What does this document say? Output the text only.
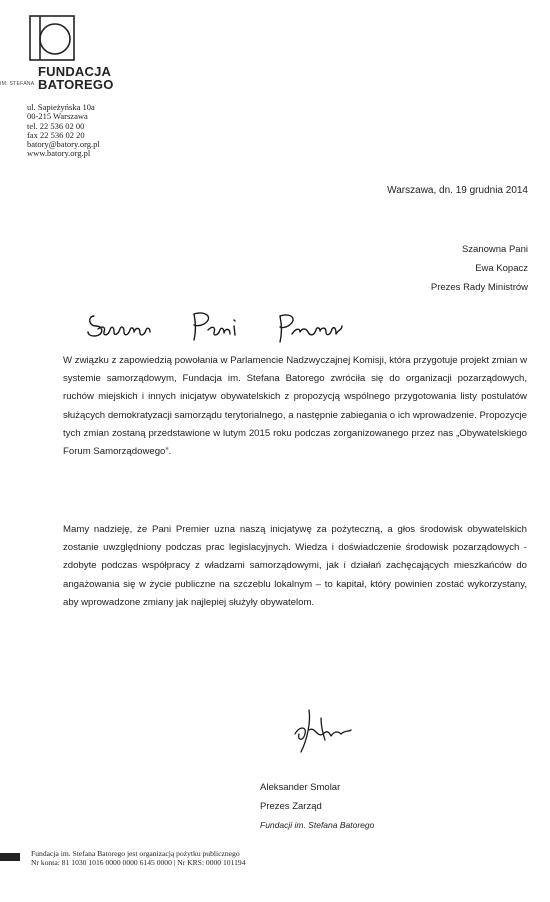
FUNDACJA
BATOREGO
IM. STEFANA
ul. Sapieżyńska 10a
00-215 Warszawa
tel. 22 536 02 00
fax 22 536 02 20
batory@batory.org.pl
www.batory.org.pl
Warszawa, dn. 19 grudnia 2014
Szanowna Pani
Ewa Kopacz
Prezes Rady Ministrów
W związku z zapowiedzią powołania w Parlamencie Nadzwyczajnej Komisji, która przygotuje projekt zmian w systemie samorządowym, Fundacja im. Stefana Batorego zwróciła się do organizacji pozarządowych, ruchów miejskich i innych inicjatyw obywatelskich z propozycją wspólnego przygotowania listy postulatów służących demokratyzacji samorządu terytorialnego, a następnie zabiegania o ich wprowadzenie. Propozycje tych zmian zostaną przedstawione w lutym 2015 roku podczas zorganizowanego przez nas „Obywatelskiego Forum Samorządowego”.
Mamy nadzieję, że Pani Premier uzna naszą inicjatywę za pożyteczną, a głos środowisk obywatelskich zostanie uwzględniony podczas prac legislacyjnych. Wiedza i doświadczenie środowisk pozarządowych - zdobyte podczas współpracy z władzami samorządowymi, jak i działań zachęcających mieszkańców do angażowania się w życie publiczne na szczeblu lokalnym – to kapitał, który powinien zostać wykorzystany, aby wprowadzone zmiany jak najlepiej służyły obywatelom.
Aleksander Smolar
Prezes Zarząd
Fundacji im. Stefana Batorego
Fundacja im. Stefana Batorego jest organizacją pożytku publicznego
Nr konta: 81 1030 1016 0000 0000 6145 0000 | Nr KRS: 0000 101194
